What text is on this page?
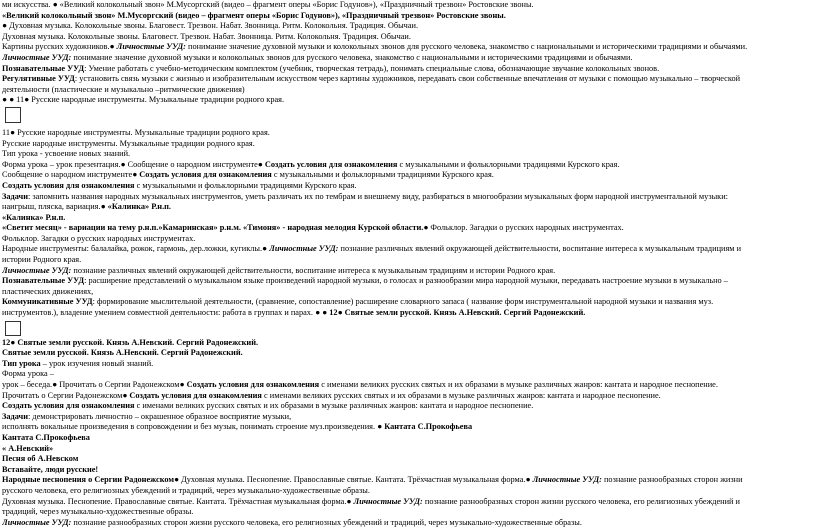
ми искусства. ● «Великий колокольный звон» М.Мусоргский (видео – фрагмент оперы «Борис Годунов»), «Праздничный трезвон» Ростовские звоны.
«Великий колокольный звон» М.Мусоргский (видео – фрагмент оперы «Борис Годунов»), «Праздничный трезвон» Ростовские звоны.
● Духовная музыка. Колокольные звоны. Благовест. Трезвон. Набат. Звонница. Ритм. Колокольня. Традиция. Обычаи.
Духовная музыка. Колокольные звоны. Благовест. Трезвон. Набат. Звонница. Ритм. Колокольня. Традиция. Обычаи.
Картины русских художников.● Личностные УУД: понимание значение духовной музыки и колокольных звонов для русского человека, знакомство с национальными и историческими традициями и обычаями.
Личностные УУД: понимание значение духовной музыки и колокольных звонов для русского человека, знакомство с национальными и историческими традициями и обычаями.
Познавательные УУД: Умение работать с учебно-методическим комплектом (учебник, творческая тетрадь), понимать специальные слова, обозначающие звучание колокольных звонов.
Регулятивные УУД: установить связь музыки с жизнью и изобразительным искусством через картины художников, передавать свои собственные впечатления от музыки с помощью музыкально – творческой
деятельности (пластические и музыкально –ритмические движения)
● ● 11● Русские народные инструменты. Музыкальные традиции родного края.
11● Русские народные инструменты. Музыкальные традиции родного края.
Русские народные инструменты. Музыкальные традиции родного края.
Тип урока - усвоение новых знаний.
Форма урока – урок презентация.● Сообщение о народном инструменте● Создать условия для ознакомления с музыкальными и фольклорными традициями Курского края.
Сообщение о народном инструменте● Создать условия для ознакомления с музыкальными и фольклорными традициями Курского края.
Создать условия для ознакомления с музыкальными и фольклорными традициями Курского края.
Задачи: запомнить названия народных музыкальных инструментов, уметь различать их по тембрам и внешнему виду, разбираться в многообразии музыкальных форм народной инструментальной музыки:
наигрыш, пляска, вариация.● «Калинка» Р.н.п.
«Калинка» Р.н.п.
«Светит месяц» - вариации на тему р.н.п.»Камаринская» р.н.м. «Тимоня» - народная мелодия Курской области.● Фольклор. Загадки о русских народных инструментах.
Фольклор. Загадки о русских народных инструментах.
Народные инструменты: балалайка, рожок, гармонь, дер.ложки, кугиклы.● Личностные УУД: познание различных явлений окружающей действительности, воспитание интереса к музыкальным традициям и
истории Родного края.
Личностные УУД: познание различных явлений окружающей действительности, воспитание интереса к музыкальным традициям и истории Родного края.
Познавательные УУД: расширение представлений о музыкальном языке произведений народной музыки, о голосах и разнообразии мира народной музыки, передавать настроение музыки в музыкально –
пластических движениях,
Коммуникативные УУД: формирование мыслительной деятельности, (сравнение, сопоставление) расширение словарного запаса ( название форм инструментальной народной музыки и названия муз.
инструментов.), владение умением совместной деятельности: работа в группах и парах. ● ● 12● Святые земли русской. Князь А.Невский. Сергий Радонежский.
12● Святые земли русской. Князь А.Невский. Сергий Радонежский.
Святые земли русской. Князь А.Невский. Сергий Радонежский.
Тип урока – урок изучения новый знаний.
Форма урока –
урок – беседа.● Прочитать о Сергии Радонежском● Создать условия для ознакомления с именами великих русских святых и их образами в музыке различных жанров: кантата и народное песнопение.
Прочитать о Сергии Радонежском● Создать условия для ознакомления с именами великих русских святых и их образами в музыке различных жанров: кантата и народное песнопение.
Создать условия для ознакомления с именами великих русских святых и их образами в музыке различных жанров: кантата и народное песнопение.
Задачи: демонстрировать личностно – окрашенное образное восприятие музыки,
исполнять вокальные произведения в сопровождении и без музык, понимать строение муз.произведения. ● Кантата С.Прокофьева
Кантата С.Прокофьева
« А.Невский»
Песня об А.Невском
Вставайте, люди русские!
Народные песнопения о Сергии Радонежском● Духовная музыка. Песнопение. Православные святые. Кантата. Трёхчастная музыкальная форма.● Личностные УУД: познание разнообразных сторон жизни
русского человека, его религиозных убеждений и традиций, через музыкально-художественные образы.
Духовная музыка. Песнопение. Православные святые. Кантата. Трёхчастная музыкальная форма.● Личностные УУД: познание разнообразных сторон жизни русского человека, его религиозных убеждений и
традиций, через музыкально-художественные образы.
Личностные УУД: познание разнообразных сторон жизни русского человека, его религиозных убеждений и традиций, через музыкально-художественные образы.
